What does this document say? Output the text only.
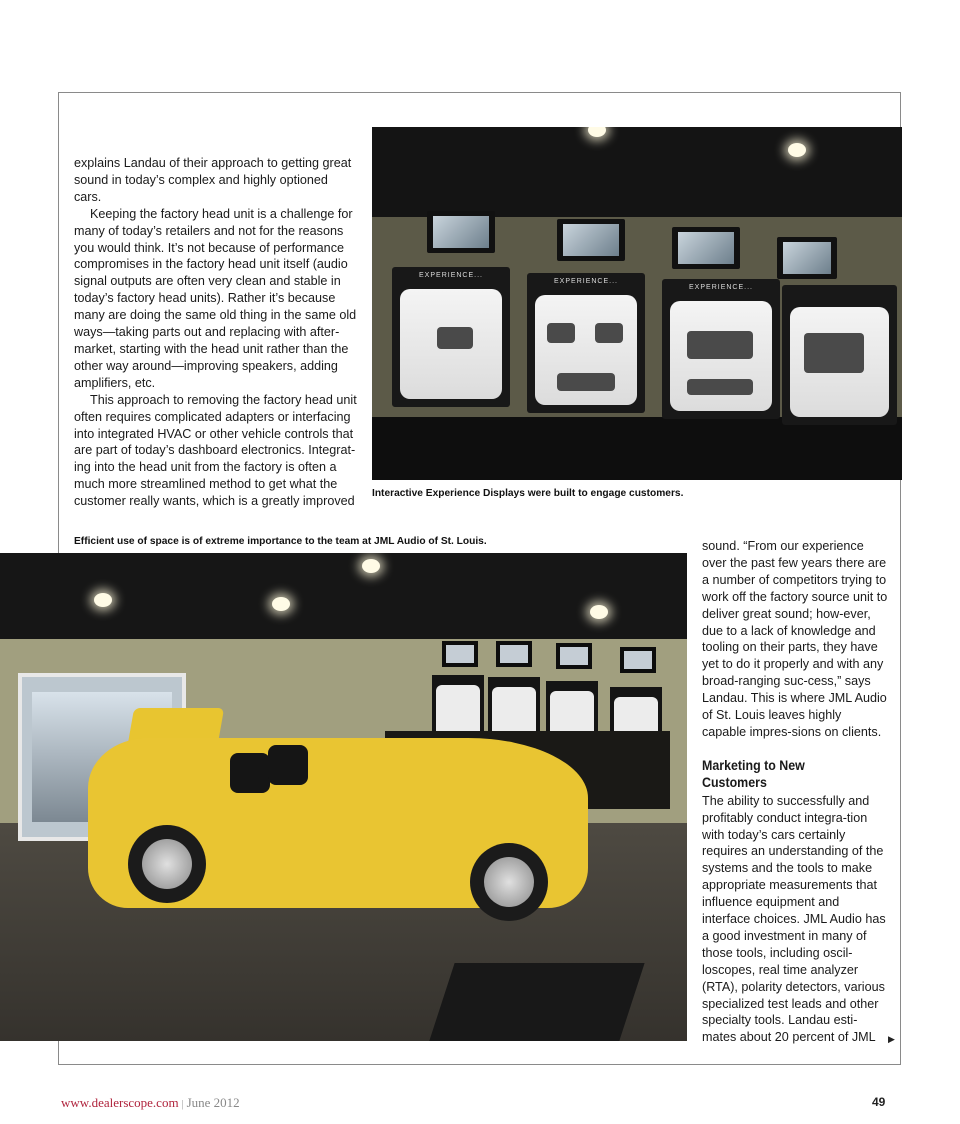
EXPERIENCE...
EXPERIENCE...
EXPERIENCE...

explains Landau of their approach to getting great sound in today’s complex and highly optioned cars.

Keeping the factory head unit is a challenge for many of today’s retailers and not for the reasons you would think. It’s not because of performance compromises in the factory head unit itself (audio signal outputs are often very clean and stable in today’s factory head units). Rather it’s because many are doing the same old thing in the same old ways—taking parts out and replacing with after-market, starting with the head unit rather than the other way around—improving speakers, adding amplifiers, etc.

This approach to removing the factory head unit often requires complicated adapters or interfacing into integrated HVAC or other vehicle controls that are part of today’s dashboard electronics. Integrat-ing into the head unit from the factory is often a much more streamlined method to get what the customer really wants, which is a greatly improved

Interactive Experience Displays were built to engage customers.
Efficient use of space is of extreme importance to the team at JML Audio of St. Louis.	sound. “From our experience over the past few years there are a number of competitors trying to work off the factory source unit to deliver great sound; how-ever, due to a lack of knowledge and tooling on their parts, they have yet to do it properly and with any broad-ranging suc-cess,” says Landau. This is where JML Audio of St. Louis leaves highly capable impres-sions on clients.

Marketing to New Customers

The ability to successfully and profitably conduct integra-tion with today’s cars certainly requires an understanding of the systems and the tools to make appropriate measurements that influence equipment and interface choices. JML Audio has a good investment in many of those tools, including oscil-loscopes, real time analyzer (RTA), polarity detectors, various specialized test leads and other specialty tools. Landau esti-mates about 20 percent of JML	▶
www.dealerscope.com | June 2012	49
